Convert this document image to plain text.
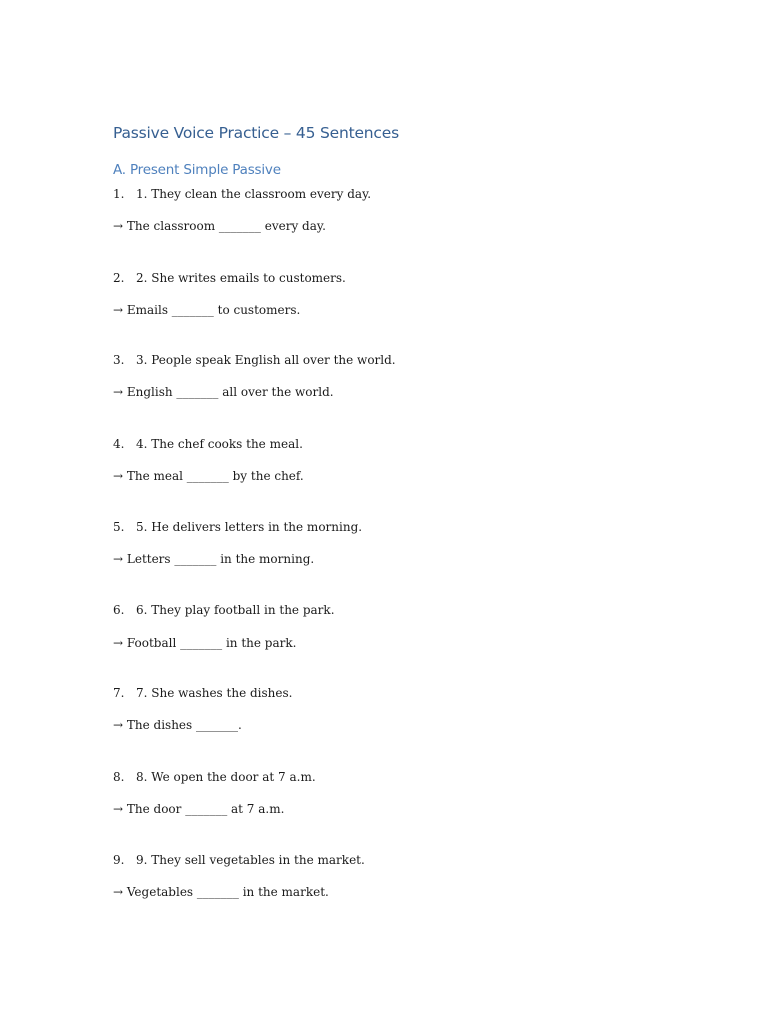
Passive Voice Practice – 45 Sentences
A. Present Simple Passive
1. 1. They clean the classroom every day.
→ The classroom _______ every day.
2. 2. She writes emails to customers.
→ Emails _______ to customers.
3. 3. People speak English all over the world.
→ English _______ all over the world.
4. 4. The chef cooks the meal.
→ The meal _______ by the chef.
5. 5. He delivers letters in the morning.
→ Letters _______ in the morning.
6. 6. They play football in the park.
→ Football _______ in the park.
7. 7. She washes the dishes.
→ The dishes _______.
8. 8. We open the door at 7 a.m.
→ The door _______ at 7 a.m.
9. 9. They sell vegetables in the market.
→ Vegetables _______ in the market.
